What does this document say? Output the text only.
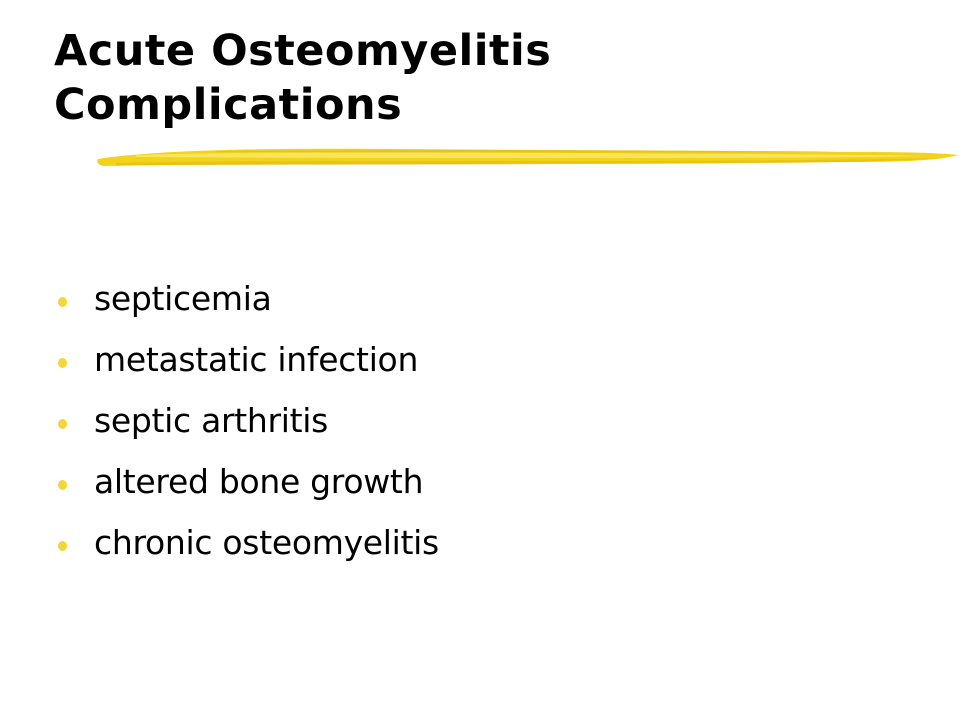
Acute Osteomyelitis
Complications
septicemia
metastatic infection
septic arthritis
altered bone growth
chronic osteomyelitis
